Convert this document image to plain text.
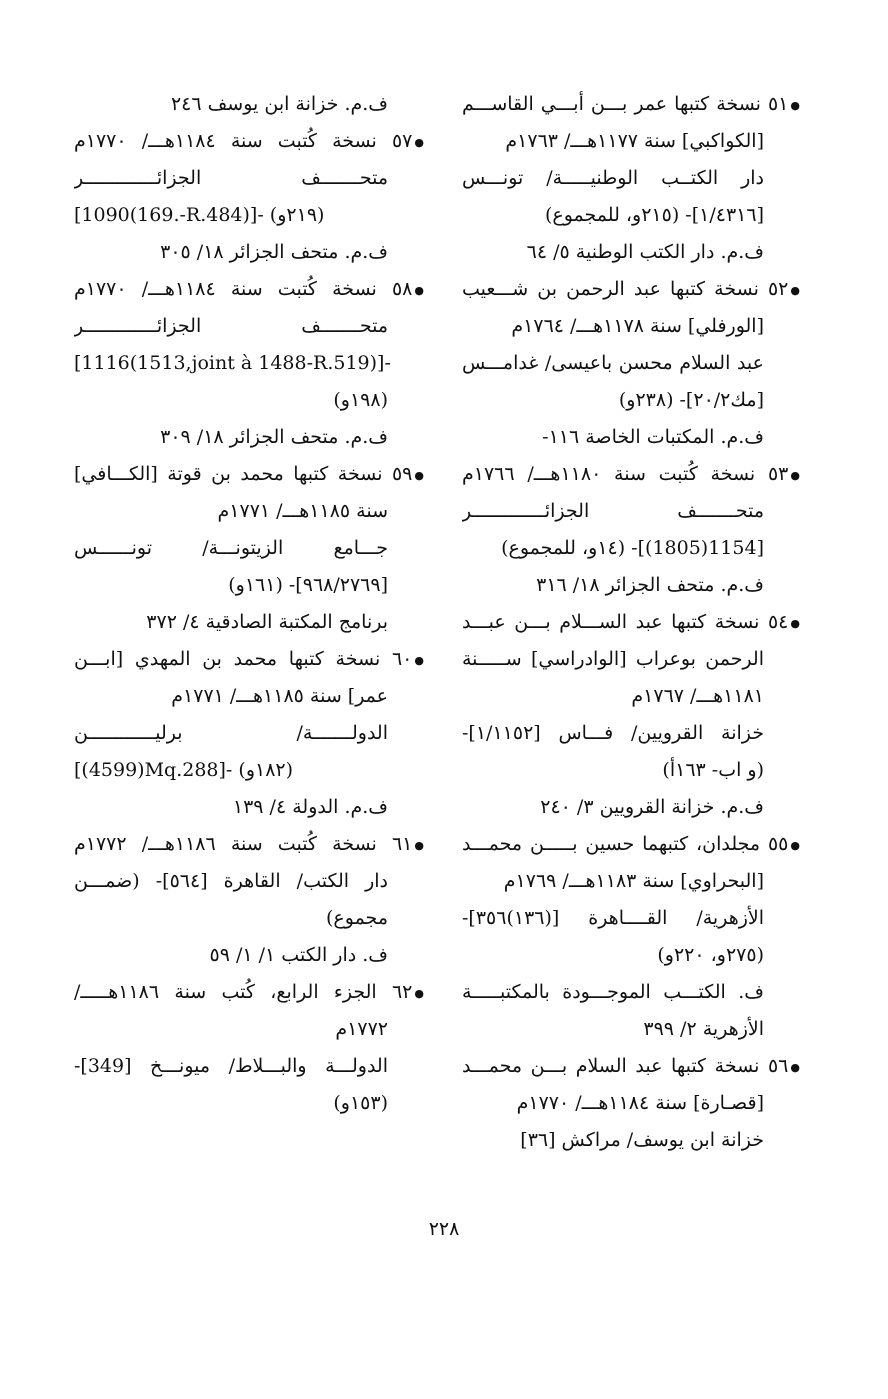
●٥١ نسخة كتبها عمر بـــن أبـــي القاســـم
[الكواكبي] سنة ١١٧٧هـــ/ ١٧٦٣م
دار الكتــب الوطنيـــــة/ تونـــس
[١/٤٣١٦]- (٢١٥و، للمجموع)
ف.م. دار الكتب الوطنية ٥/ ٦٤
●٥٢ نسخة كتبها عبد الرحمن بن شـــعيب
[الورفلي] سنة ١١٧٨هـــ/ ١٧٦٤م
عبد السلام محسن باعيسى/ غدامـــس
[مك٢٠/٢]- (٢٣٨و)
ف.م. المكتبات الخاصة ١١٦-
●٥٣ نسخة كُتبت سنة ١١٨٠هـــ/ ١٧٦٦م
متحـــــــف الجزائـــــــــــــر
[1154(1805)]- (١٤و، للمجموع)
ف.م. متحف الجزائر ١٨/ ٣١٦
●٥٤ نسخة كتبها عبد الســـلام بـــن عبـــد
الرحمن بوعراب [الوادراسي] ســـــنة
١١٨١هـــ/ ١٧٦٧م
خزانة القرويين/ فـــاس [١/١١٥٢]-
(و اب- ١٦٣أ)
ف.م. خزانة القرويين ٣/ ٢٤٠
●٥٥ مجلدان، كتبهما حسين بـــــن محمـــد
[البحراوي] سنة ١١٨٣هـــ/ ١٧٦٩م
الأزهرية/ القــــاهرة [(١٣٦)٣٥٦]-
(٢٧٥و، ٢٢٠و)
ف. الكتـــب الموجـــودة بالمكتبـــــة
الأزهرية ٢/ ٣٩٩
●٥٦ نسخة كتبها عبد السلام بـــن محمـــد
[قصـارة] سنة ١١٨٤هـــ/ ١٧٧٠م
خزانة ابن يوسف/ مراكش [٣٦]
ف.م. خزانة ابن يوسف ٢٤٦
●٥٧ نسخة كُتبت سنة ١١٨٤هـــ/ ١٧٧٠م
متحـــــــف الجزائـــــــــــــر
[1090(169.-R.484)]- (٢١٩و)
ف.م. متحف الجزائر ١٨/ ٣٠٥
●٥٨ نسخة كُتبت سنة ١١٨٤هـــ/ ١٧٧٠م
متحـــــــف الجزائـــــــــــــر
[1116(1513,joint à 1488-R.519)]-
(١٩٨و)
ف.م. متحف الجزائر ١٨/ ٣٠٩
●٥٩ نسخة كتبها محمد بن قوتة [الكـــافي]
سنة ١١٨٥هـــ/ ١٧٧١م
جـــامع الزيتونـــة/ تونــــــس
[٩٦٨/٢٧٦٩]- (١٦١و)
برنامج المكتبة الصادقية ٤/ ٣٧٢
●٦٠ نسخة كتبها محمد بن المهدي [ابـــن
عمر] سنة ١١٨٥هـــ/ ١٧٧١م
الدولـــــــة/ برليــــــــــــن
[(4599)Mq.288]- (١٨٢و)
ف.م. الدولة ٤/ ١٣٩
●٦١ نسخة كُتبت سنة ١١٨٦هـــ/ ١٧٧٢م
دار الكتب/ القاهرة [٥٦٤]- (ضمـــن
مجموع)
ف. دار الكتب ١/ ١/ ٥٩
●٦٢ الجزء الرابع، كُتب سنة ١١٨٦هـــــ/
١٧٧٢م
الدولـــة والبـــلاط/ ميونـــخ [349]-
(١٥٣و)
٢٢٨
